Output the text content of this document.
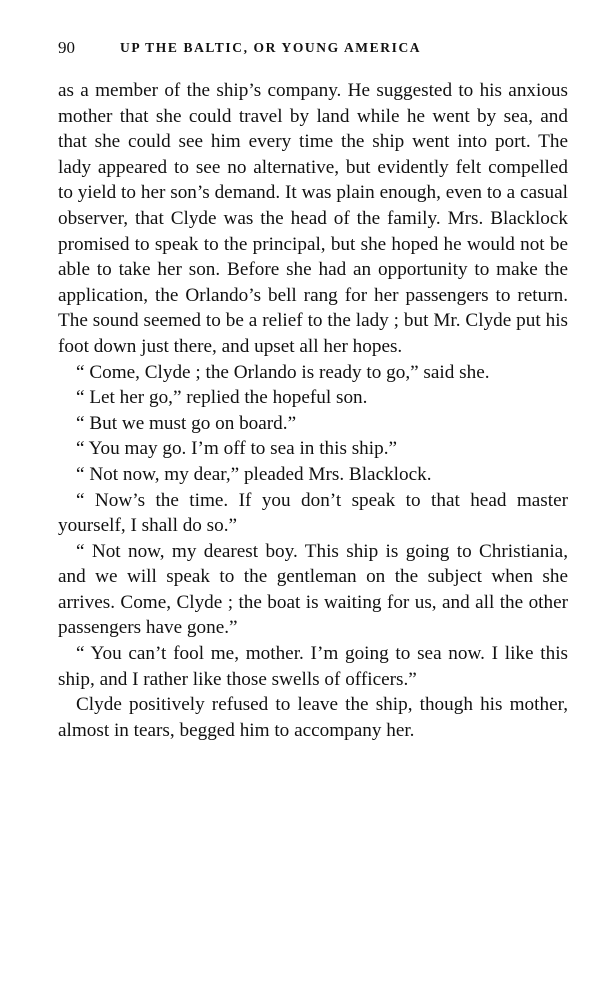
90	UP THE BALTIC, OR YOUNG AMERICA

as a member of the ship’s company. He suggested to his anxious mother that she could travel by land while he went by sea, and that she could see him every time the ship went into port. The lady appeared to see no alternative, but evidently felt compelled to yield to her son’s demand. It was plain enough, even to a casual observer, that Clyde was the head of the family. Mrs. Blacklock promised to speak to the principal, but she hoped he would not be able to take her son. Before she had an opportunity to make the application, the Orlando’s bell rang for her passengers to return. The sound seemed to be a relief to the lady ; but Mr. Clyde put his foot down just there, and upset all her hopes.

“ Come, Clyde ; the Orlando is ready to go,” said she.

“ Let her go,” replied the hopeful son.

“ But we must go on board.”

“ You may go. I’m off to sea in this ship.”

“ Not now, my dear,” pleaded Mrs. Blacklock.

“ Now’s the time. If you don’t speak to that head master yourself, I shall do so.”

“ Not now, my dearest boy. This ship is going to Christiania, and we will speak to the gentleman on the subject when she arrives. Come, Clyde ; the boat is waiting for us, and all the other passengers have gone.”

“ You can’t fool me, mother. I’m going to sea now. I like this ship, and I rather like those swells of officers.”

Clyde positively refused to leave the ship, though his mother, almost in tears, begged him to accompany her.
